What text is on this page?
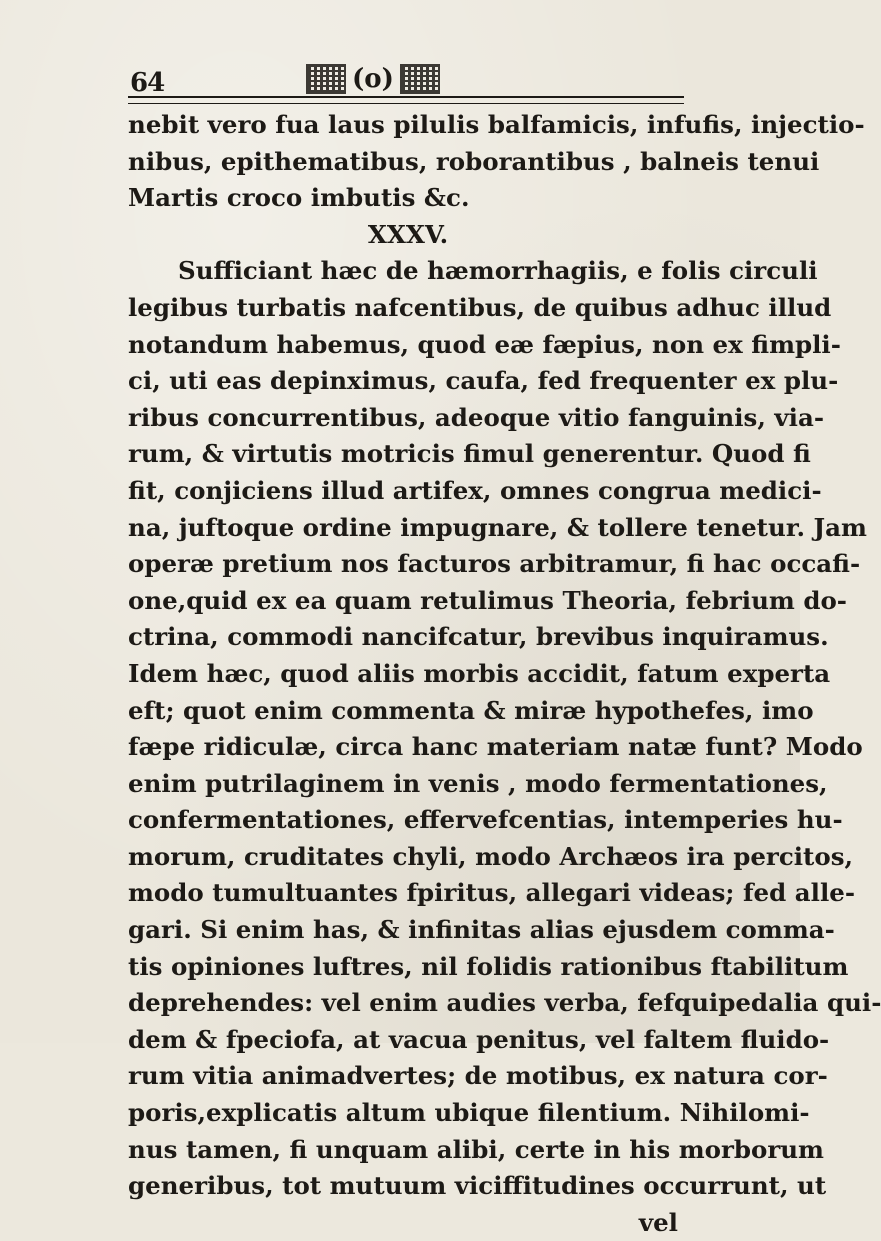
64	(o)
nebit vero fua laus pilulis balfamicis, infufis, injectio-
nibus, epithematibus, roborantibus , balneis tenui
Martis croco imbutis &c.
XXXV.
Sufficiant hæc de hæmorrhagiis, e folis circuli
legibus turbatis nafcentibus, de quibus adhuc illud
notandum habemus, quod eæ fæpius, non ex fimpli-
ci, uti eas depinximus, caufa, fed frequenter ex plu-
ribus concurrentibus, adeoque vitio fanguinis, via-
rum, & virtutis motricis fimul generentur. Quod fi
fit, conjiciens illud artifex, omnes congrua medici-
na, juftoque ordine impugnare, & tollere tenetur. Jam
operæ pretium nos facturos arbitramur, fi hac occafi-
one,quid ex ea quam retulimus Theoria, febrium do-
ctrina, commodi nancifcatur, brevibus inquiramus.
Idem hæc, quod aliis morbis accidit, fatum experta
eft; quot enim commenta & miræ hypothefes, imo
fæpe ridiculæ, circa hanc materiam natæ funt? Modo
enim putrilaginem in venis , modo fermentationes,
confermentationes, effervefcentias, intemperies hu-
morum, cruditates chyli, modo Archæos ira percitos,
modo tumultuantes fpiritus, allegari videas; fed alle-
gari. Si enim has, & infinitas alias ejusdem comma-
tis opiniones luftres, nil folidis rationibus ftabilitum
deprehendes: vel enim audies verba, fefquipedalia qui-
dem & fpeciofa, at vacua penitus, vel faltem fluido-
rum vitia animadvertes; de motibus, ex natura cor-
poris,explicatis altum ubique filentium. Nihilomi-
nus tamen, fi unquam alibi, certe in his morborum
generibus, tot mutuum viciffitudines occurrunt, ut
vel
